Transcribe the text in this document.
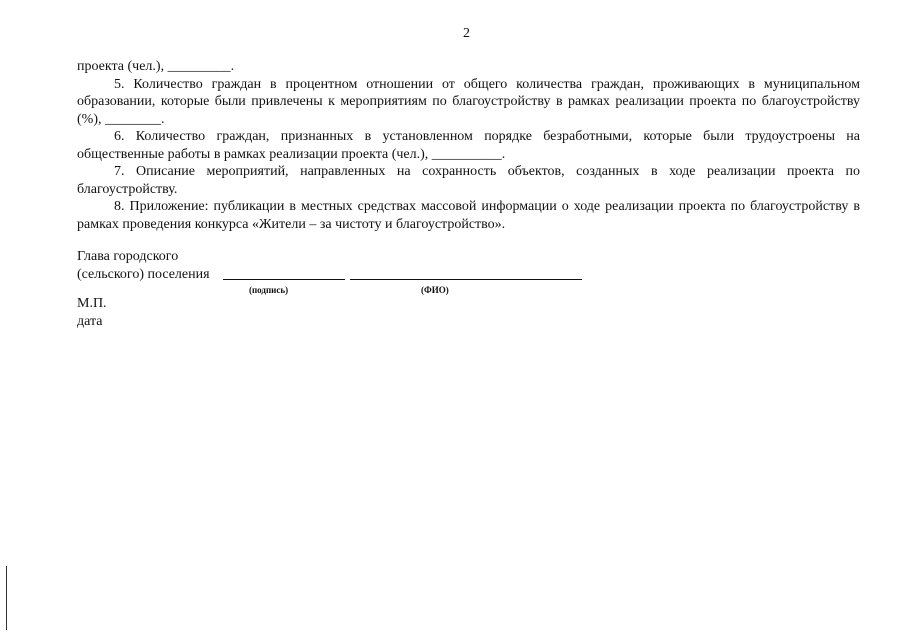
2

проекта (чел.), _________.

5. Количество граждан в процентном отношении от общего количества граждан, проживающих в муниципальном образовании, которые были привлечены к мероприятиям по благоустройству в рамках реализации проекта по благоустройству (%), ________.

6. Количество граждан, признанных в установленном порядке безработными, которые были трудоустроены на общественные работы в рамках реализации проекта (чел.), __________.

7. Описание мероприятий, направленных на сохранность объектов, созданных в ходе реализации проекта по благоустройству.

8. Приложение: публикации в местных средствах массовой информации о ходе реализации проекта по благоустройству в рамках проведения конкурса «Жители – за чистоту и благоустройство».

Глава городского
(сельского) поселения
(подпись)	(ФИО)
М.П.
дата
